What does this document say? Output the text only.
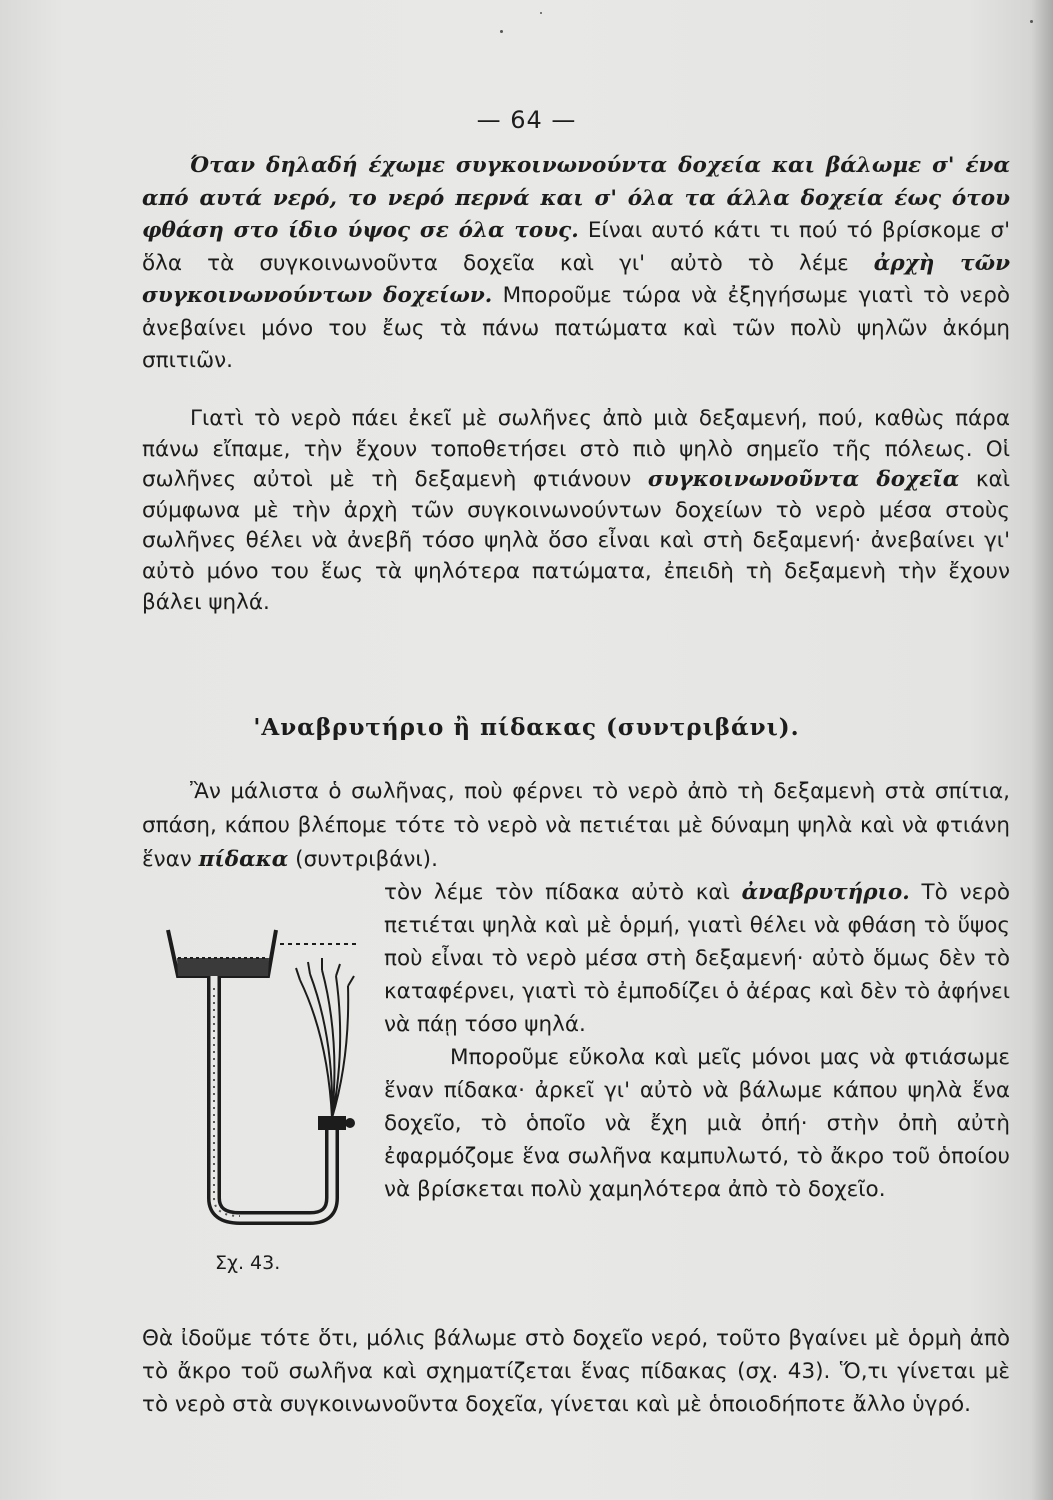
— 64 —

Όταν δηλαδή έχωμε συγκοινωνούντα δοχεία και βάλωμε σ' ένα από αυτά νερό, το νερό περνά και σ' όλα τα άλλα δοχεία έως ότου φθάση στο ίδιο ύψος σε όλα τους. Είναι αυτό κάτι τι πού τό βρίσκομε σ' ὅλα τὰ συγκοινωνοῦντα δοχεῖα καὶ γι' αὐτὸ τὸ λέμε ἀρχὴ τῶν συγκοινωνούντων δοχείων. Μποροῦμε τώρα νὰ ἐξηγήσωμε γιατὶ τὸ νερὸ ἀνεβαίνει μόνο του ἔως τὰ πάνω πατώματα καὶ τῶν πολὺ ψηλῶν ἀκόμη σπιτιῶν.

Γιατὶ τὸ νερὸ πάει ἐκεῖ μὲ σωλῆνες ἀπὸ μιὰ δεξαμενή, πού, καθὼς πάρα πάνω εἴπαμε, τὴν ἔχουν τοποθετήσει στὸ πιὸ ψηλὸ σημεῖο τῆς πόλεως. Οἱ σωλῆνες αὐτοὶ μὲ τὴ δεξαμενὴ φτιάνουν συγκοινωνοῦντα δοχεῖα καὶ σύμφωνα μὲ τὴν ἀρχὴ τῶν συγκοινωνούντων δοχείων τὸ νερὸ μέσα στοὺς σωλῆνες θέλει νὰ ἀνεβῆ τόσο ψηλὰ ὅσο εἶναι καὶ στὴ δεξαμενή· ἀνεβαίνει γι' αὐτὸ μόνο του ἕως τὰ ψηλότερα πατώματα, ἐπειδὴ τὴ δεξαμενὴ τὴν ἔχουν βάλει ψηλά.

'Αναβρυτήριο ἢ πίδακας (συντριβάνι).

Ἂν μάλιστα ὁ σωλῆνας, ποὺ φέρνει τὸ νερὸ ἀπὸ τὴ δεξαμενὴ στὰ σπίτια, σπάση, κάπου βλέπομε τότε τὸ νερὸ νὰ πετιέται μὲ δύναμη ψηλὰ καὶ νὰ φτιάνη ἕναν πίδακα (συντριβάνι).

τὸν λέμε τὸν πίδακα αὐτὸ καὶ ἀναβρυτήριο. Τὸ νερὸ πετιέται ψηλὰ καὶ μὲ ὁρμή, γιατὶ θέλει νὰ φθάση τὸ ὕψος ποὺ εἶναι τὸ νερὸ μέσα στὴ δεξαμενή· αὐτὸ ὅμως δὲν τὸ καταφέρνει, γιατὶ τὸ ἐμποδίζει ὁ ἀέρας καὶ δὲν τὸ ἀφήνει νὰ πάῃ τόσο ψηλά.

Μποροῦμε εὔκολα καὶ μεῖς μόνοι μας νὰ φτιάσωμε ἕναν πίδακα· ἀρκεῖ γι' αὐτὸ νὰ βάλωμε κάπου ψηλὰ ἕνα δοχεῖο, τὸ ὁποῖο νὰ ἔχη μιὰ ὀπή· στὴν ὀπὴ αὐτὴ ἐφαρμόζομε ἕνα σωλῆνα καμπυλωτό, τὸ ἄκρο τοῦ ὁποίου νὰ βρίσκεται πολὺ χαμηλότερα ἀπὸ τὸ δοχεῖο.

Σχ. 43.

Θὰ ἰδοῦμε τότε ὅτι, μόλις βάλωμε στὸ δοχεῖο νερό, τοῦτο βγαίνει μὲ ὁρμὴ ἀπὸ τὸ ἄκρο τοῦ σωλῆνα καὶ σχηματίζεται ἕνας πίδακας (σχ. 43). Ὅ,τι γίνεται μὲ τὸ νερὸ στὰ συγκοινωνοῦντα δοχεῖα, γίνεται καὶ μὲ ὁποιοδήποτε ἄλλο ὑγρό.
